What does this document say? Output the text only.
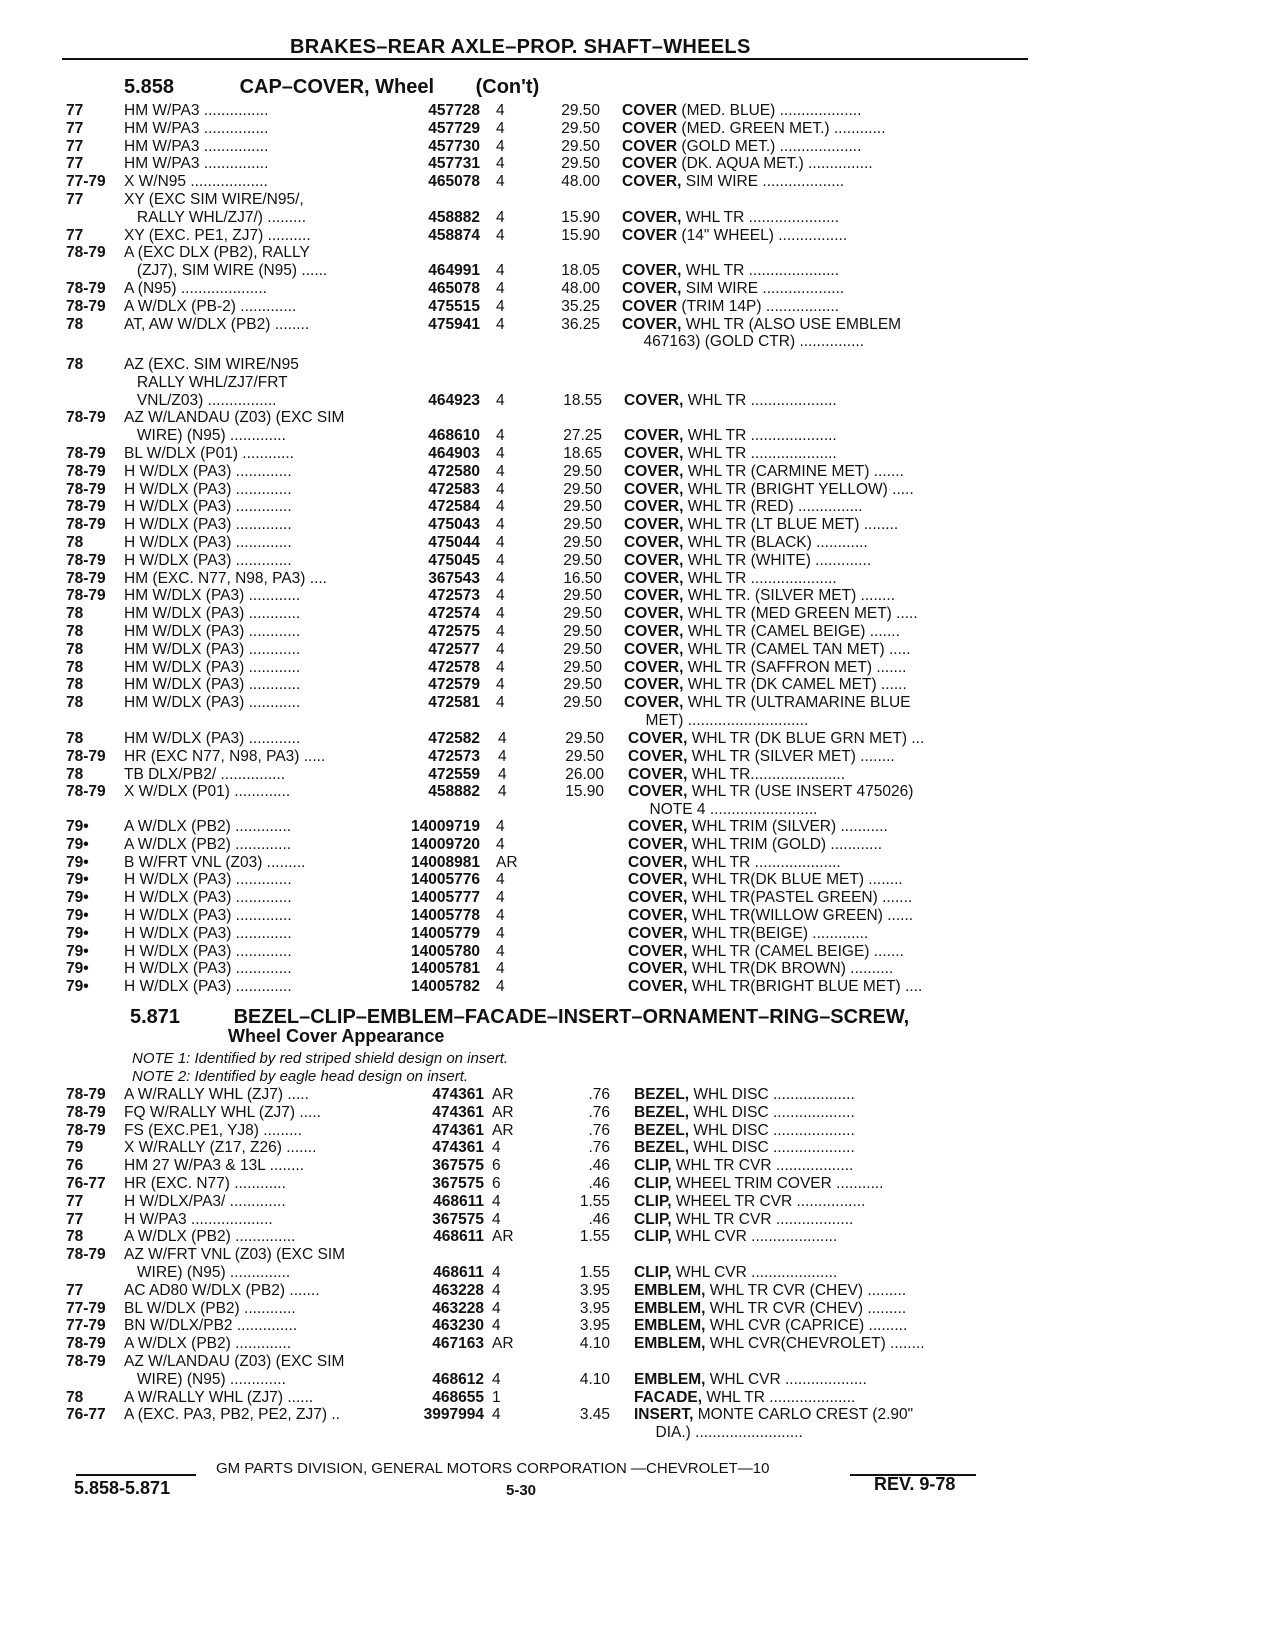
BRAKES–REAR AXLE–PROP. SHAFT–WHEELS
5.858	CAP–COVER, Wheel (Con't)
77	HM W/PA3 ...............	457728 4	29.50 COVER (MED. BLUE) ...................
77	HM W/PA3 ...............	457729 4	29.50 COVER (MED. GREEN MET.) ............
77	HM W/PA3 ...............	457730 4	29.50 COVER (GOLD MET.) ...................
77	HM W/PA3 ...............	457731 4	29.50 COVER (DK. AQUA MET.) ...............
77-79 X W/N95 ..................	465078 4	48.00 COVER, SIM WIRE ...................
77	XY (EXC SIM WIRE/N95/,
RALLY WHL/ZJ7/) .........	458882 4	15.90 COVER, WHL TR .....................
77	XY (EXC. PE1, ZJ7) ..........	458874 4	15.90 COVER (14" WHEEL) ................
78-79 A (EXC DLX (PB2), RALLY
(ZJ7), SIM WIRE (N95) ......	464991 4	18.05 COVER, WHL TR .....................
78-79 A (N95) ....................	465078 4	48.00 COVER, SIM WIRE ...................
78-79 A W/DLX (PB-2) .............	475515 4	35.25 COVER (TRIM 14P) .................
78	AT, AW W/DLX (PB2) ........	475941 4	36.25 COVER, WHL TR (ALSO USE EMBLEM
467163) (GOLD CTR) ...............
78	AZ (EXC. SIM WIRE/N95
RALLY WHL/ZJ7/FRT
VNL/Z03) ................	464923 4	18.55 COVER, WHL TR ....................
78-79 AZ W/LANDAU (Z03) (EXC SIM
WIRE) (N95) .............	468610 4	27.25 COVER, WHL TR ....................
78-79 BL W/DLX (P01) ............	464903 4	18.65 COVER, WHL TR ....................
78-79 H W/DLX (PA3) .............	472580 4	29.50 COVER, WHL TR (CARMINE MET) .......
78-79 H W/DLX (PA3) .............	472583 4	29.50 COVER, WHL TR (BRIGHT YELLOW) .....
78-79 H W/DLX (PA3) .............	472584 4	29.50 COVER, WHL TR (RED) ...............
78-79 H W/DLX (PA3) .............	475043 4	29.50 COVER, WHL TR (LT BLUE MET) ........
78	H W/DLX (PA3) .............	475044 4	29.50 COVER, WHL TR (BLACK) ............
78-79 H W/DLX (PA3) .............	475045 4	29.50 COVER, WHL TR (WHITE) .............
78-79 HM (EXC. N77, N98, PA3) ....	367543 4	16.50 COVER, WHL TR ....................
78-79 HM W/DLX (PA3) ............	472573 4	29.50 COVER, WHL TR. (SILVER MET) ........
78	HM W/DLX (PA3) ............	472574 4	29.50 COVER, WHL TR (MED GREEN MET) .....
78	HM W/DLX (PA3) ............	472575 4	29.50 COVER, WHL TR (CAMEL BEIGE) .......
78	HM W/DLX (PA3) ............	472577 4	29.50 COVER, WHL TR (CAMEL TAN MET) .....
78	HM W/DLX (PA3) ............	472578 4	29.50 COVER, WHL TR (SAFFRON MET) .......
78	HM W/DLX (PA3) ............	472579 4	29.50 COVER, WHL TR (DK CAMEL MET) ......
78	HM W/DLX (PA3) ............	472581 4	29.50 COVER, WHL TR (ULTRAMARINE BLUE
MET) ............................
78	HM W/DLX (PA3) ............	472582 4	29.50 COVER, WHL TR (DK BLUE GRN MET) ...
78-79 HR (EXC N77, N98, PA3) .....	472573 4	29.50 COVER, WHL TR (SILVER MET) ........
78	TB DLX/PB2/ ...............	472559 4	26.00 COVER, WHL TR......................
78-79 X W/DLX (P01) .............	458882 4	15.90 COVER, WHL TR (USE INSERT 475026)
NOTE 4 .........................
79• A W/DLX (PB2) .............	14009719 4	COVER, WHL TRIM (SILVER) ...........
79• A W/DLX (PB2) .............	14009720 4	COVER, WHL TRIM (GOLD) ............
79• B W/FRT VNL (Z03) .........	14008981 AR	COVER, WHL TR ....................
79• H W/DLX (PA3) .............	14005776 4	COVER, WHL TR(DK BLUE MET) ........
79• H W/DLX (PA3) .............	14005777 4	COVER, WHL TR(PASTEL GREEN) .......
79• H W/DLX (PA3) .............	14005778 4	COVER, WHL TR(WILLOW GREEN) ......
79• H W/DLX (PA3) .............	14005779 4	COVER, WHL TR(BEIGE) .............
79• H W/DLX (PA3) .............	14005780 4	COVER, WHL TR (CAMEL BEIGE) .......
79• H W/DLX (PA3) .............	14005781 4	COVER, WHL TR(DK BROWN) ..........
79• H W/DLX (PA3) .............	14005782 4	COVER, WHL TR(BRIGHT BLUE MET) ....
5.871	BEZEL–CLIP–EMBLEM–FACADE–INSERT–ORNAMENT–RING–SCREW,
Wheel Cover Appearance
NOTE 1: Identified by red striped shield design on insert.
NOTE 2: Identified by eagle head design on insert.
78-79 A W/RALLY WHL (ZJ7) .....	474361 AR	.76 BEZEL, WHL DISC ...................
78-79 FQ W/RALLY WHL (ZJ7) .....	474361 AR	.76 BEZEL, WHL DISC ...................
78-79 FS (EXC.PE1, YJ8) .........	474361 AR	.76 BEZEL, WHL DISC ...................
79	X W/RALLY (Z17, Z26) .......	474361 4	.76 BEZEL, WHL DISC ...................
76	HM 27 W/PA3 & 13L ........	367575 6	.46 CLIP, WHL TR CVR ..................
76-77 HR (EXC. N77) ............	367575 6	.46 CLIP, WHEEL TRIM COVER ...........
77	H W/DLX/PA3/ .............	468611 4	1.55 CLIP, WHEEL TR CVR ................
77	H W/PA3 ...................	367575 4	.46 CLIP, WHL TR CVR ..................
78	A W/DLX (PB2) ..............	468611 AR	1.55 CLIP, WHL CVR ....................
78-79 AZ W/FRT VNL (Z03) (EXC SIM
WIRE) (N95) ..............	468611 4	1.55 CLIP, WHL CVR ....................
77	AC AD80 W/DLX (PB2) .......	463228 4	3.95 EMBLEM, WHL TR CVR (CHEV) .........
77-79 BL W/DLX (PB2) ............	463228 4	3.95 EMBLEM, WHL TR CVR (CHEV) .........
77-79 BN W/DLX/PB2 ..............	463230 4	3.95 EMBLEM, WHL CVR (CAPRICE) .........
78-79 A W/DLX (PB2) .............	467163 AR	4.10 EMBLEM, WHL CVR(CHEVROLET) ........
78-79 AZ W/LANDAU (Z03) (EXC SIM
WIRE) (N95) .............	468612 4	4.10 EMBLEM, WHL CVR ...................
78	A W/RALLY WHL (ZJ7) ......	468655 1	FACADE, WHL TR ....................
76-77 A (EXC. PA3, PB2, PE2, ZJ7) ..	3997994 4	3.45 INSERT, MONTE CARLO CREST (2.90"
DIA.) .........................
GM PARTS DIVISION, GENERAL MOTORS CORPORATION —CHEVROLET—10
5.858-5.871	5-30	REV. 9-78
